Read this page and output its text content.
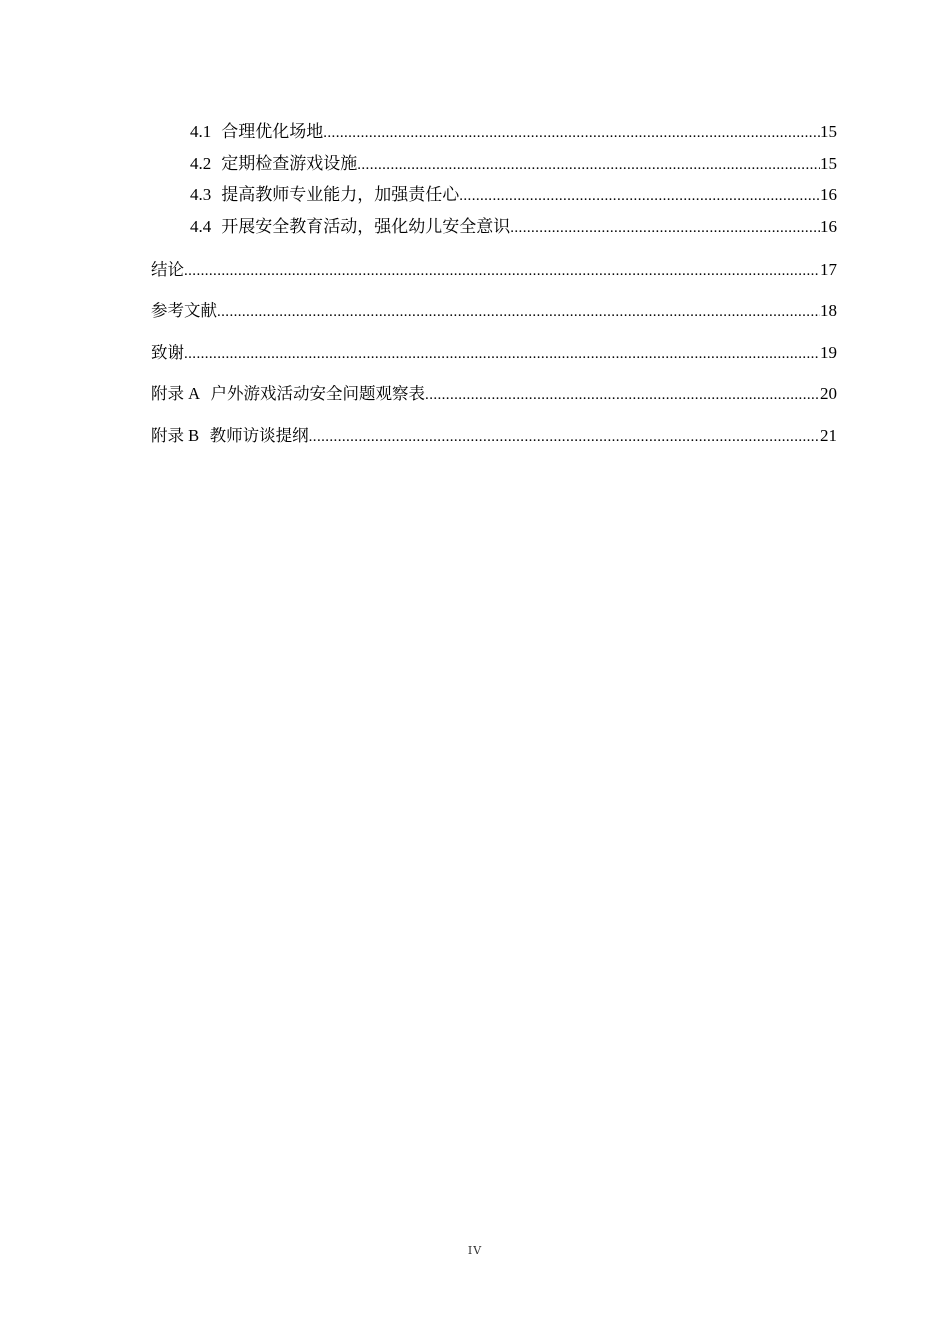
4.1 合理优化场地 .....	15
4.2 定期检查游戏设施 .....	15
4.3 提高教师专业能力，加强责任心 .....	16
4.4 开展安全教育活动，强化幼儿安全意识 .....	16
结论 .....	17
参考文献 .....	18
致谢 .....	19
附录 A 户外游戏活动安全问题观察表 .....	20
附录 B 教师访谈提纲 .....	21
IV
